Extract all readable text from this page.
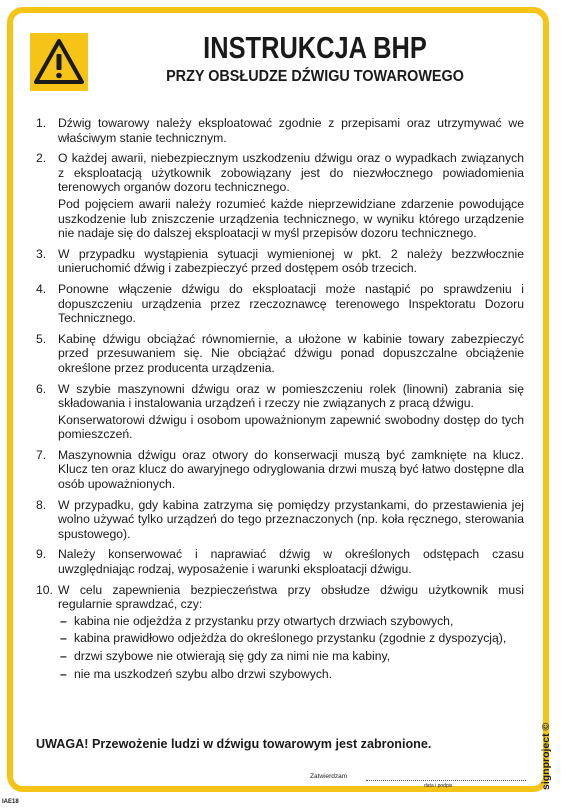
INSTRUKCJA BHP
PRZY OBSŁUDZE DŹWIGU TOWAROWEGO
1. Dźwig towarowy należy eksploatować zgodnie z przepisami oraz utrzymywać we właściwym stanie technicznym.
2. O każdej awarii, niebezpiecznym uszkodzeniu dźwigu oraz o wypadkach związanych z eksploatacją użytkownik zobowiązany jest do niezwłocznego powiadomienia terenowych organów dozoru technicznego.
Pod pojęciem awarii należy rozumieć każde nieprzewidziane zdarzenie powodujące uszkodzenie lub zniszczenie urządzenia technicznego, w wyniku którego urządzenie nie nadaje się do dalszej eksploatacji w myśl przepisów dozoru technicznego.
3. W przypadku wystąpienia sytuacji wymienionej w pkt. 2 należy bezzwłocznie unieruchomić dźwig i zabezpieczyć przed dostępem osób trzecich.
4. Ponowne włączenie dźwigu do eksploatacji może nastąpić po sprawdzeniu i dopuszczeniu urządzenia przez rzeczoznawcę terenowego Inspektoratu Dozoru Technicznego.
5. Kabinę dźwigu obciążać równomiernie, a ułożone w kabinie towary zabezpieczyć przed przesuwaniem się. Nie obciążać dźwigu ponad dopuszczalne obciążenie określone przez producenta urządzenia.
6. W szybie maszynowni dźwigu oraz w pomieszczeniu rolek (linowni) zabrania się składowania i instalowania urządzeń i rzeczy nie związanych z pracą dźwigu.
Konserwatorowi dźwigu i osobom upoważnionym zapewnić swobodny dostęp do tych pomieszczeń.
7. Maszynownia dźwigu oraz otwory do konserwacji muszą być zamknięte na klucz. Klucz ten oraz klucz do awaryjnego odryglowania drzwi muszą być łatwo dostępne dla osób upoważnionych.
8. W przypadku, gdy kabina zatrzyma się pomiędzy przystankami, do przestawienia jej wolno używać tylko urządzeń do tego przeznaczonych (np. koła ręcznego, sterowania spustowego).
9. Należy konserwować i naprawiać dźwig w określonych odstępach czasu uwzględniając rodzaj, wyposażenie i warunki eksploatacji dźwigu.
10. W celu zapewnienia bezpieczeństwa przy obsłudze dźwigu użytkownik musi regularnie sprawdzać, czy:
– kabina nie odjeżdża z przystanku przy otwartych drzwiach szybowych,
– kabina prawidłowo odjeżdża do określonego przystanku (zgodnie z dyspozycją),
– drzwi szybowe nie otwierają się gdy za nimi nie ma kabiny,
– nie ma uszkodzeń szybu albo drzwi szybowych.
UWAGA! Przewożenie ludzi w dźwigu towarowym jest zabronione.
Zatwierdzam
data i podpis
IAE18
signproject ©
